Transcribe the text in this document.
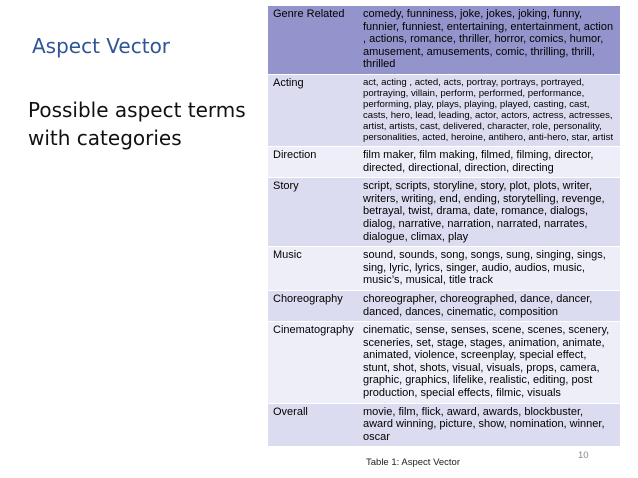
Aspect Vector

Possible aspect terms with categories

Genre Related	comedy, funniness, joke, jokes, joking, funny, funnier, funniest, entertaining, entertainment, action , actions, romance, thriller, horror, comics, humor, amusement, amusements, comic, thrilling, thrill, thrilled
Acting	act, acting , acted, acts, portray, portrays, portrayed, portraying, villain, perform, performed, performance, performing, play, plays, playing, played, casting, cast, casts, hero, lead, leading, actor, actors, actress, actresses, artist, artists, cast, delivered, character, role, personality, personalities, acted, heroine, antihero, anti-hero, star, artist
Direction	film maker, film making, filmed, filming, director, directed, directional, direction, directing
Story	script, scripts, storyline, story, plot, plots, writer, writers, writing, end, ending, storytelling, revenge, betrayal, twist, drama, date, romance, dialogs, dialog, narrative, narration, narrated, narrates, dialogue, climax, play
Music	sound, sounds, song, songs, sung, singing, sings, sing, lyric, lyrics, singer, audio, audios, music, music’s, musical, title track
Choreography	choreographer, choreographed, dance, dancer, danced, dances, cinematic, composition
Cinematography	cinematic, sense, senses, scene, scenes, scenery, sceneries, set, stage, stages, animation, animate, animated, violence, screenplay, special effect, stunt, shot, shots, visual, visuals, props, camera, graphic, graphics, lifelike, realistic, editing, post production, special effects, filmic, visuals
Overall	movie, film, flick, award, awards, blockbuster, award winning, picture, show, nomination, winner, oscar
Table 1: Aspect Vector
10
